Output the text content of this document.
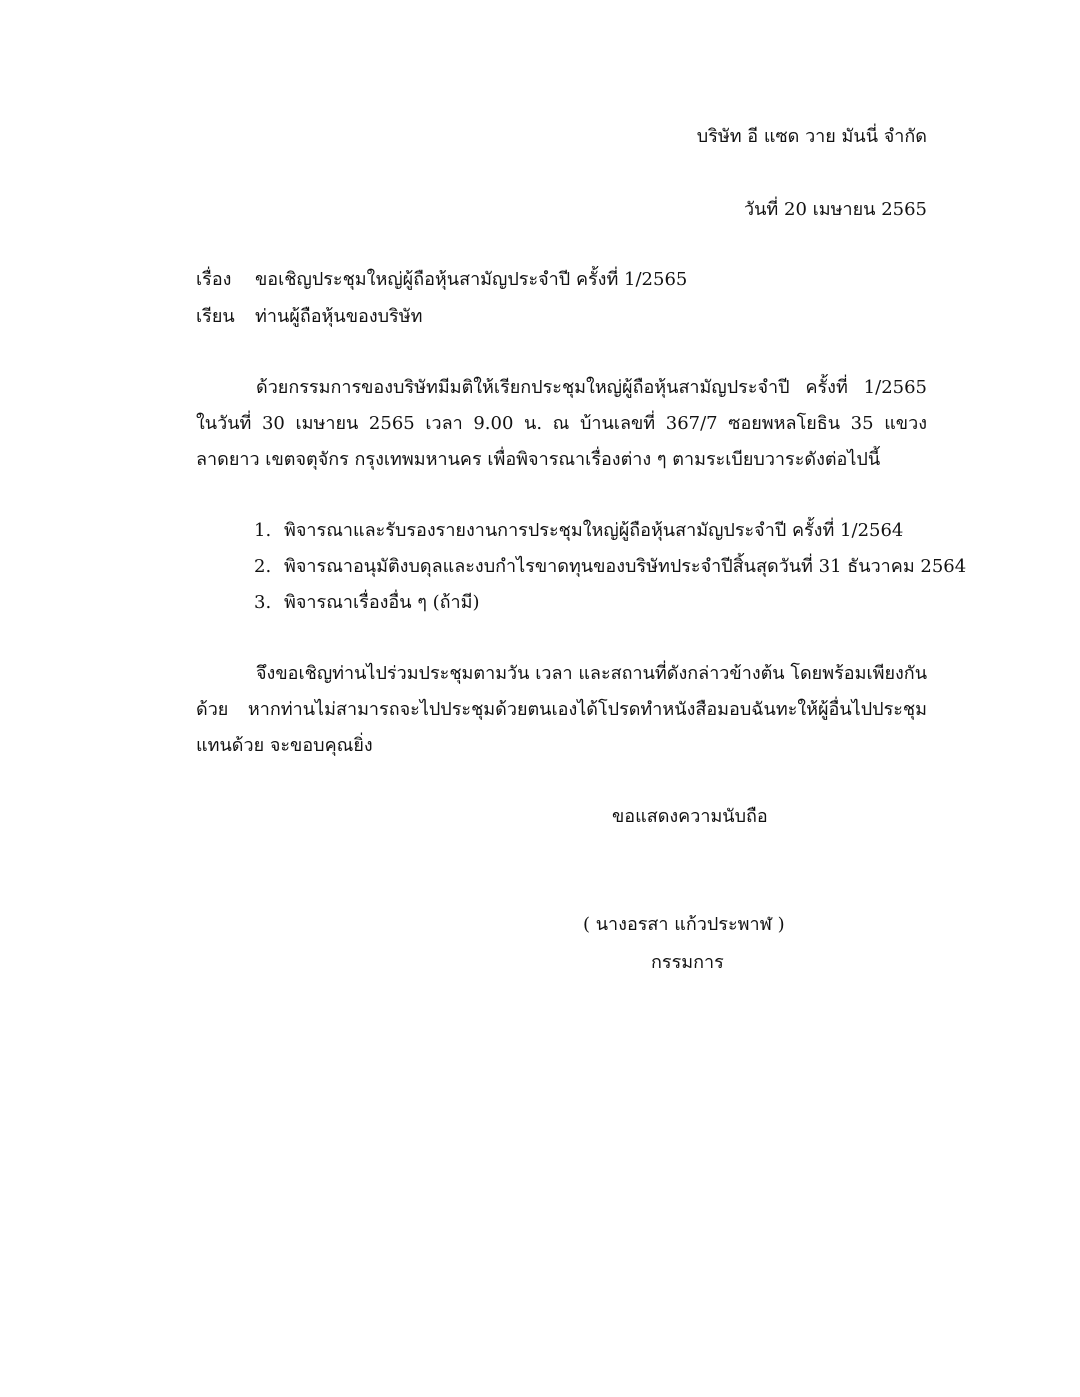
บริษัท อี แซด วาย มันนี่ จำกัด
วันที่ 20 เมษายน 2565
เรื่อง ขอเชิญประชุมใหญ่ผู้ถือหุ้นสามัญประจำปี ครั้งที่ 1/2565
เรียน ท่านผู้ถือหุ้นของบริษัท
ด้วยกรรมการของบริษัทมีมติให้เรียกประชุมใหญ่ผู้ถือหุ้นสามัญประจำปี ครั้งที่ 1/2565 ในวันที่ 30 เมษายน 2565 เวลา 9.00 น. ณ บ้านเลขที่ 367/7 ซอยพหลโยธิน 35 แขวงลาดยาว เขตจตุจักร กรุงเทพมหานคร เพื่อพิจารณาเรื่องต่าง ๆ ตามระเบียบวาระดังต่อไปนี้
1. พิจารณาและรับรองรายงานการประชุมใหญ่ผู้ถือหุ้นสามัญประจำปี ครั้งที่ 1/2564
2. พิจารณาอนุมัติงบดุลและงบกำไรขาดทุนของบริษัทประจำปีสิ้นสุดวันที่ 31 ธันวาคม 2564
3. พิจารณาเรื่องอื่น ๆ (ถ้ามี)
จึงขอเชิญท่านไปร่วมประชุมตามวัน เวลา และสถานที่ดังกล่าวข้างต้น โดยพร้อมเพียงกันด้วย หากท่านไม่สามารถจะไปประชุมด้วยตนเองได้โปรดทำหนังสือมอบฉันทะให้ผู้อื่นไปประชุมแทนด้วย จะขอบคุณยิ่ง
ขอแสดงความนับถือ
( นางอรสา แก้วประพาฬ )
กรรมการ
